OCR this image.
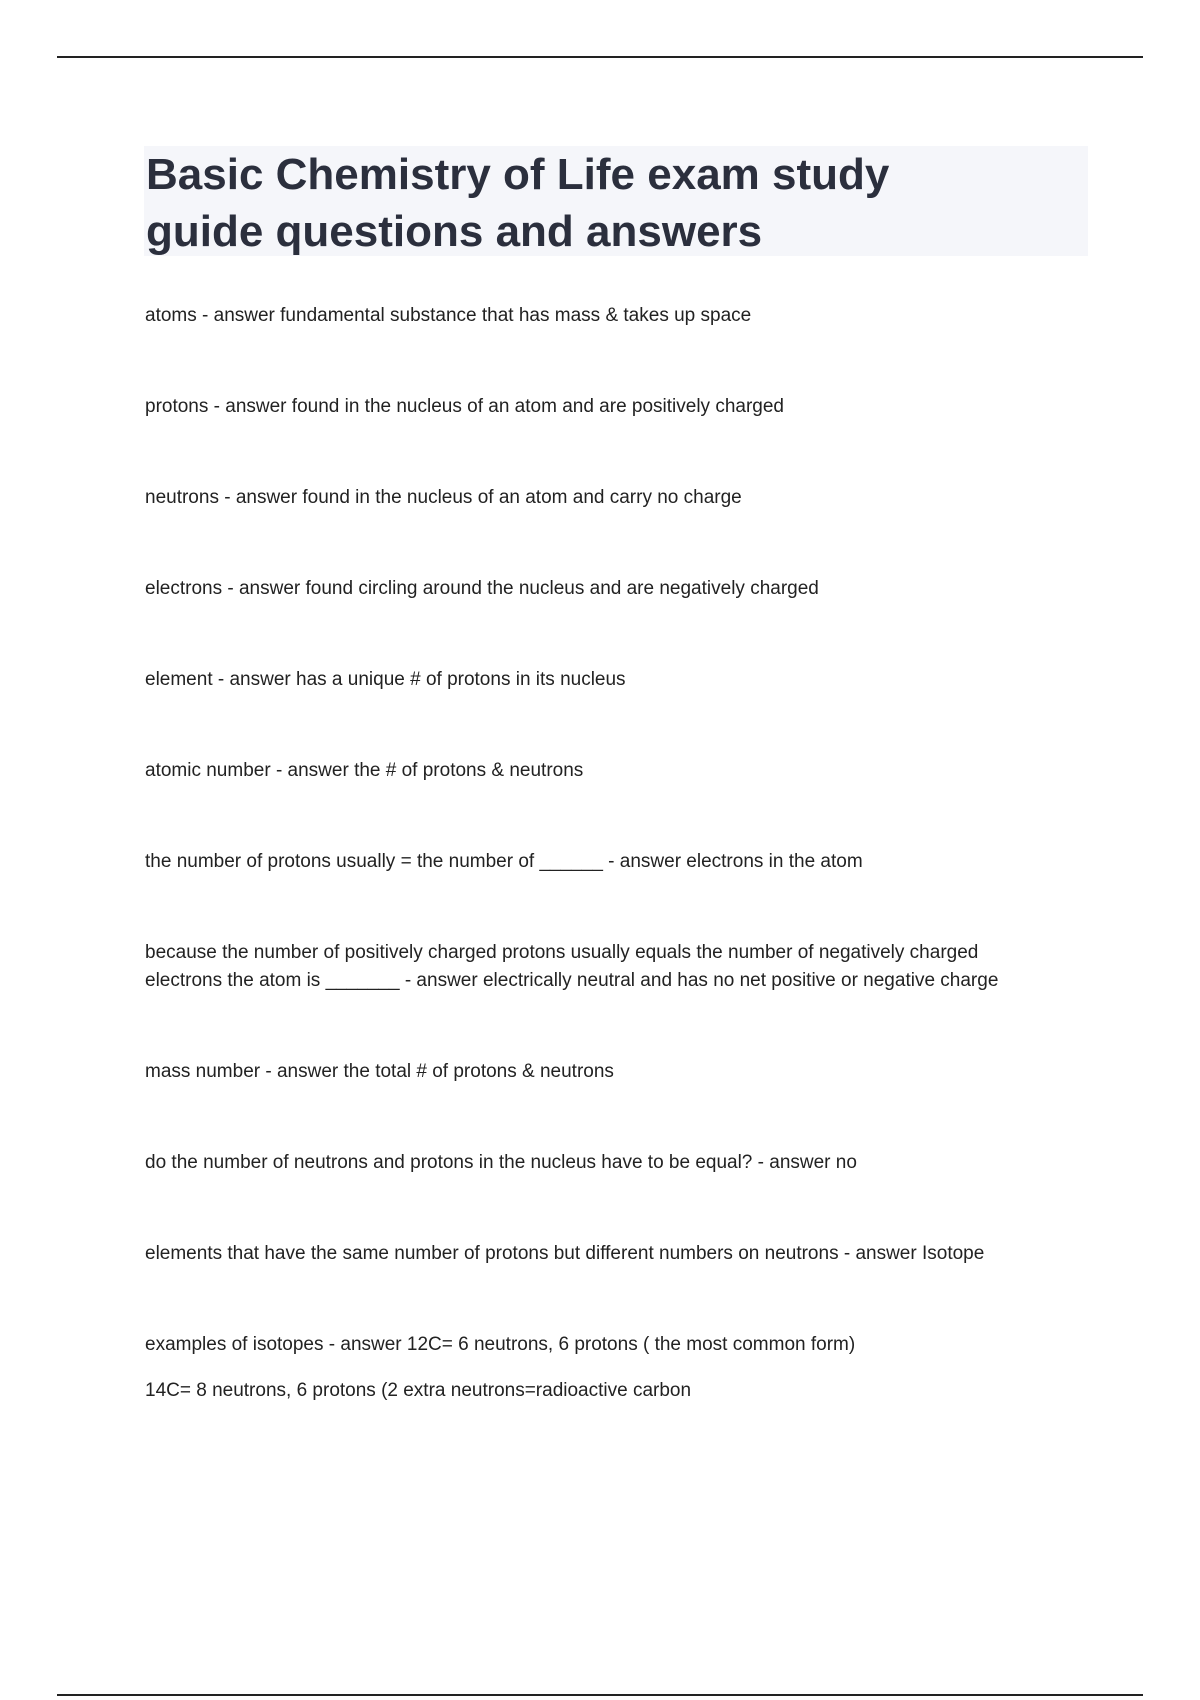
Basic Chemistry of Life exam study
guide questions and answers

atoms - answer fundamental substance that has mass & takes up space

protons - answer found in the nucleus of an atom and are positively charged

neutrons - answer found in the nucleus of an atom and carry no charge

electrons - answer found circling around the nucleus and are negatively charged

element - answer has a unique # of protons in its nucleus

atomic number - answer the # of protons & neutrons

the number of protons usually = the number of ______ - answer electrons in the atom

because the number of positively charged protons usually equals the number of negatively charged

electrons the atom is _______ - answer electrically neutral and has no net positive or negative charge

mass number - answer the total # of protons & neutrons

do the number of neutrons and protons in the nucleus have to be equal? - answer no

elements that have the same number of protons but different numbers on neutrons - answer Isotope

examples of isotopes - answer 12C= 6 neutrons, 6 protons ( the most common form)

14C= 8 neutrons, 6 protons (2 extra neutrons=radioactive carbon
